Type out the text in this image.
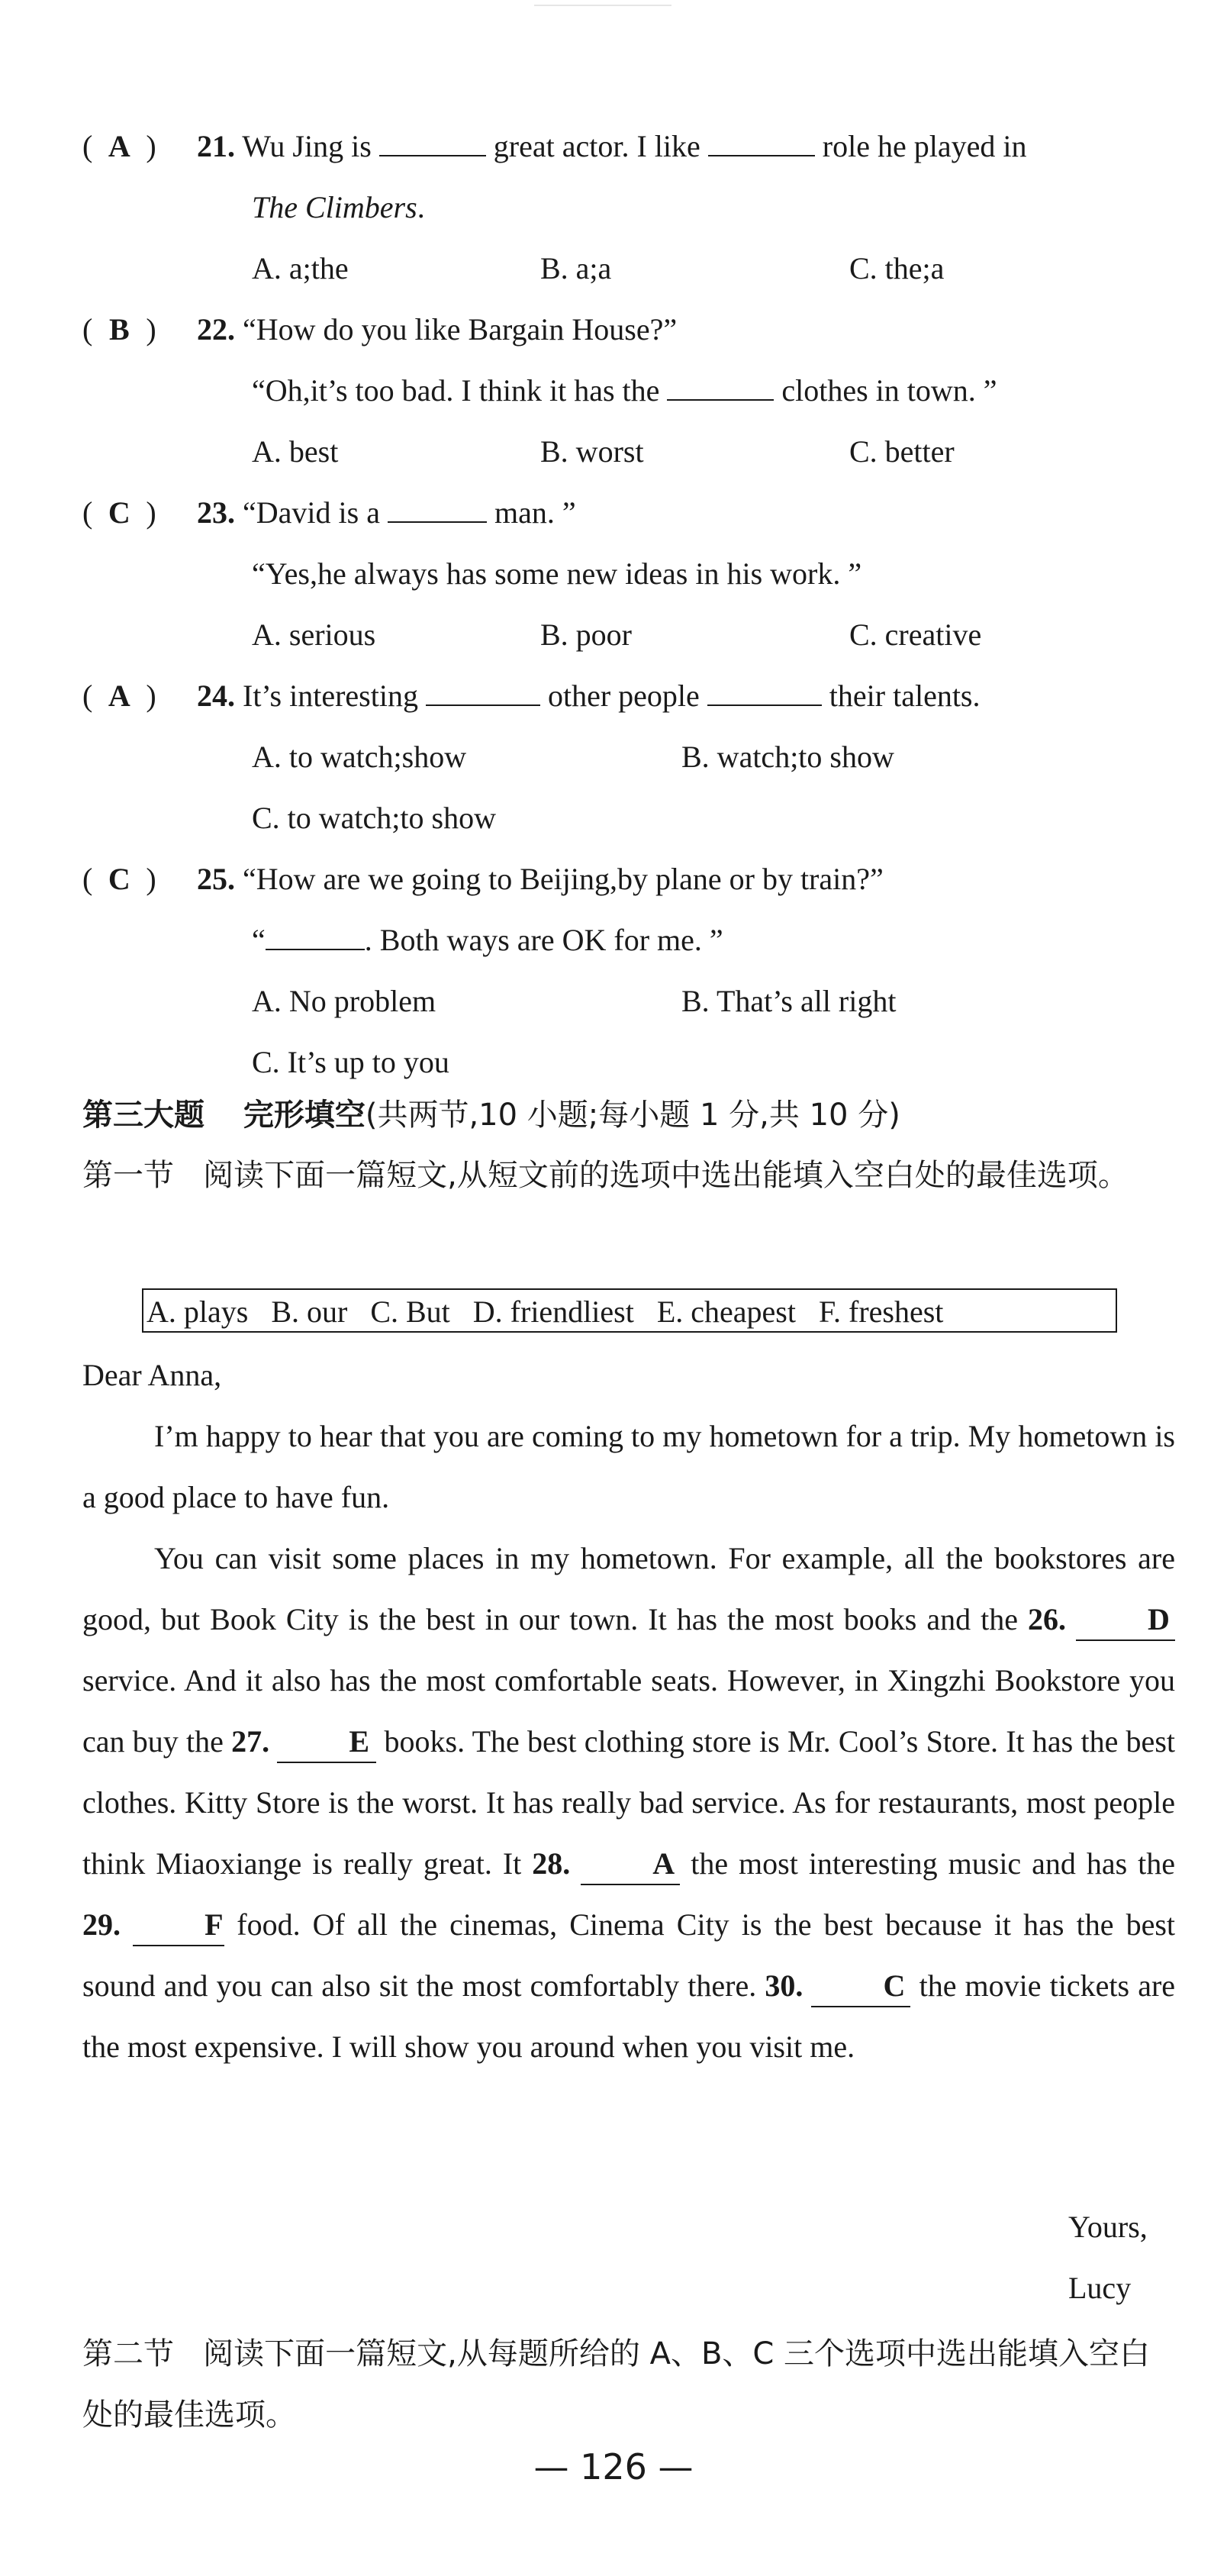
( A ) 21. Wu Jing is	great actor. I like	role he played in
The Climbers.
A. a;the	B. a;a	C. the;a
( B ) 22. “How do you like Bargain House?”
“Oh,it’s too bad. I think it has the	clothes in town. ”
A. best	B. worst	C. better
( C ) 23. “David is a	man. ”
“Yes,he always has some new ideas in his work. ”
A. serious	B. poor	C. creative
( A ) 24. It’s interesting	other people	their talents.
A. to watch;show	B. watch;to show
C. to watch;to show
( C ) 25. “How are we going to Beijing,by plane or by train?”
“	. Both ways are OK for me. ”
A. No problem	B. That’s all right
C. It’s up to you
第三大题 完形填空(共两节,10 小题;每小题 1 分,共 10 分)
第一节 阅读下面一篇短文,从短文前的选项中选出能填入空白处的最佳选项。
A. plays   B. our   C. But   D. friendliest   E. cheapest   F. freshest

Dear Anna,

I’m happy to hear that you are coming to my hometown for a trip. My hometown is a good place to have fun.

You can visit some places in my hometown. For example, all the bookstores are good, but Book City is the best in our town. It has the most books and the 26.	D service. And it also has the most comfortable seats. However, in Xingzhi Bookstore you can buy the 27.	E books. The best clothing store is Mr. Cool’s Store. It has the best clothes. Kitty Store is the worst. It has really bad service. As for restaurants, most people think Miaoxiange is really great. It 28.	A the most interesting music and has the 29.	F food. Of all the cinemas, Cinema City is the best because it has the best sound and you can also sit the most comfortably there. 30.	C the movie tickets are the most expensive. I will show you around when you visit me.

Yours,
Lucy
第二节 阅读下面一篇短文,从每题所给的 A、B、C 三个选项中选出能填入空白处的最佳选项。
— 126 —
